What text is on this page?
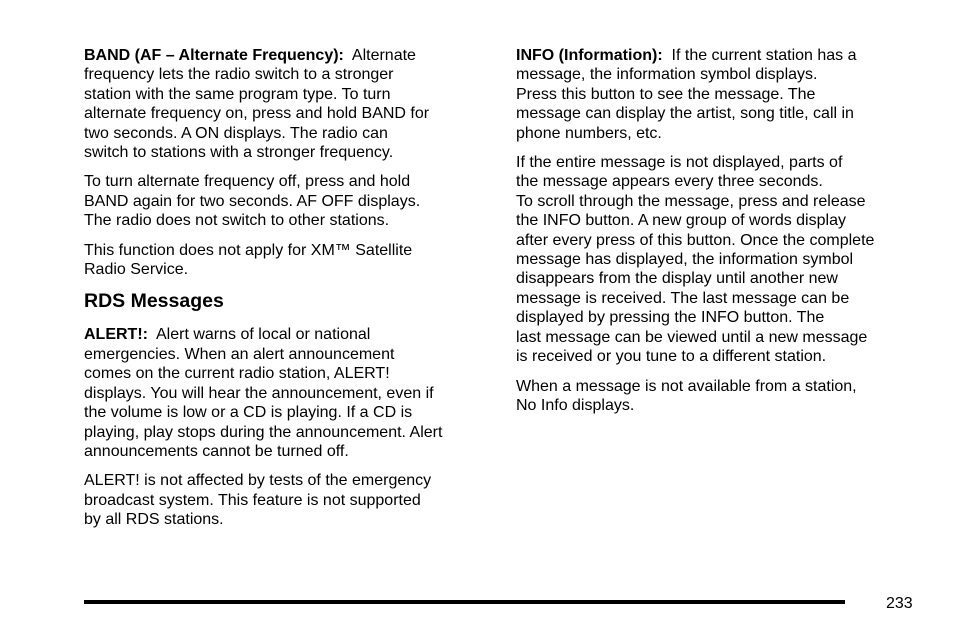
BAND (AF – Alternate Frequency): Alternate
frequency lets the radio switch to a stronger
station with the same program type. To turn
alternate frequency on, press and hold BAND for
two seconds. A ON displays. The radio can
switch to stations with a stronger frequency.

To turn alternate frequency off, press and hold
BAND again for two seconds. AF OFF displays.
The radio does not switch to other stations.

This function does not apply for XM™ Satellite
Radio Service.

RDS Messages

ALERT!: Alert warns of local or national
emergencies. When an alert announcement
comes on the current radio station, ALERT!
displays. You will hear the announcement, even if
the volume is low or a CD is playing. If a CD is
playing, play stops during the announcement. Alert
announcements cannot be turned off.

ALERT! is not affected by tests of the emergency
broadcast system. This feature is not supported
by all RDS stations.

INFO (Information): If the current station has a
message, the information symbol displays.
Press this button to see the message. The
message can display the artist, song title, call in
phone numbers, etc.

If the entire message is not displayed, parts of
the message appears every three seconds.
To scroll through the message, press and release
the INFO button. A new group of words display
after every press of this button. Once the complete
message has displayed, the information symbol
disappears from the display until another new
message is received. The last message can be
displayed by pressing the INFO button. The
last message can be viewed until a new message
is received or you tune to a different station.

When a message is not available from a station,
No Info displays.

233
